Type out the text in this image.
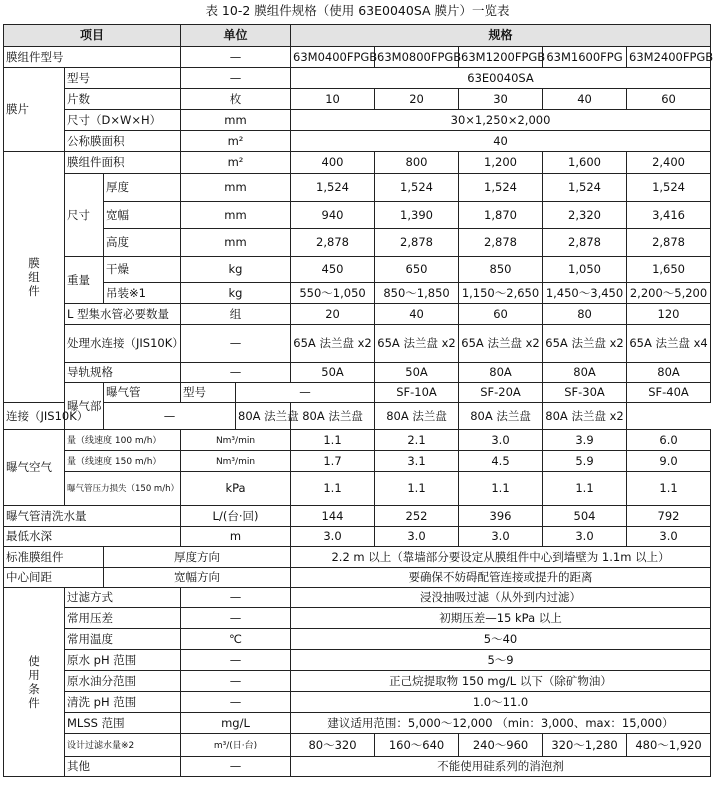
表 10-2 膜组件规格（使用 63E0040SA 膜片）一览表
项目			单位		规格					
膜组件型号			—		63M0400FPGB	63M0800FPGB	63M1200FPGB	63M1600FPG	63M2400FPGB	
膜片	型号		—		63E0040SA					
	片数		枚		10	20	30	40	60	
	尺寸（D×W×H）		mm		30×1,250×2,000					
	公称膜面积		m²		40					
膜组件	膜组件面积		m²		400	800	1,200	1,600	2,400	
	尺寸	厚度	mm		1,524	1,524	1,524	1,524	1,524	
		宽幅	mm		940	1,390	1,870	2,320	3,416	
		高度	mm		2,878	2,878	2,878	2,878	2,878	
	重量	干燥	kg		450	650	850	1,050	1,650	
		吊装※1	kg		550～1,050	850～1,850	1,150～2,650	1,450～3,450	2,200～5,200	
	L 型集水管必要数量		组		20	40	60	80	120	
	处理水连接（JIS10K）		—		65A 法兰盘 x2	65A 法兰盘 x2	65A 法兰盘 x2	65A 法兰盘 x2	65A 法兰盘 x4	
	导轨规格		—		50A	50A	80A	80A	80A	
	曝气部	曝气管	型号	—		SF-10A	SF-20A	SF-30A	SF-40A	
连接（JIS10K）		—		80A 法兰盘	80A 法兰盘	80A 法兰盘	80A 法兰盘	80A 法兰盘 x2		
曝气空气	量（线速度 100 m/h）		Nm³/min		1.1	2.1	3.0	3.9	6.0	
	量（线速度 150 m/h）		Nm³/min		1.7	3.1	4.5	5.9	9.0	
	曝气管压力损失（150 m/h）		kPa		1.1	1.1	1.1	1.1	1.1	
曝气管清洗水量			L/(台·回)		144	252	396	504	792	
最低水深			m		3.0	3.0	3.0	3.0	3.0	
标准膜组件		厚度方向			2.2 m 以上（靠墙部分要设定从膜组件中心到墙壁为 1.1m 以上）					
中心间距		宽幅方向			要确保不妨碍配管连接或提升的距离					
使用条件	过滤方式		—		浸没抽吸过滤（从外到内过滤）					
	常用压差		—		初期压差—15 kPa 以上					
	常用温度		℃		5～40					
	原水 pH 范围		—		5～9					
	原水油分范围		—		正己烷提取物 150 mg/L 以下（除矿物油）					
	清洗 pH 范围		—		1.0～11.0					
	MLSS 范围		mg/L		建议适用范围：5,000～12,000 （min：3,000、max：15,000）					
	设计过滤水量※2		m³/(日·台)		80～320	160～640	240～960	320～1,280	480～1,920	
	其他		—		不能使用硅系列的消泡剂					
